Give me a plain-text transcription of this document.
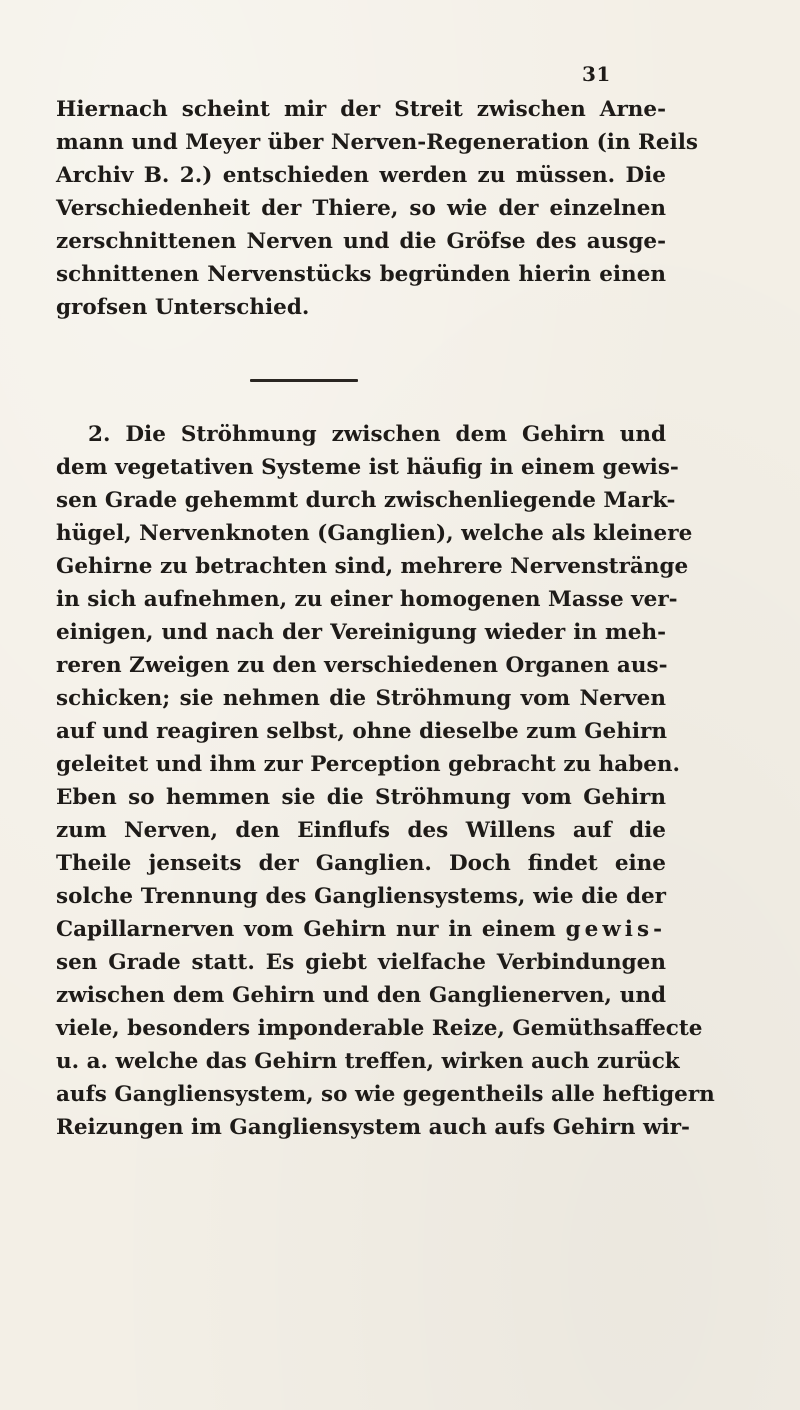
31
Hiernach scheint mir der Streit zwischen Arne-
mann und Meyer über Nerven-Regeneration (in Reils
Archiv B. 2.) entschieden werden zu müssen. Die
Verschiedenheit der Thiere, so wie der einzelnen
zerschnittenen Nerven und die Gröfse des ausge-
schnittenen Nervenstücks begründen hierin einen
grofsen Unterschied.
2. Die Ströhmung zwischen dem Gehirn und
dem vegetativen Systeme ist häufig in einem gewis-
sen Grade gehemmt durch zwischenliegende Mark-
hügel, Nervenknoten (Ganglien), welche als kleinere
Gehirne zu betrachten sind, mehrere Nervenstränge
in sich aufnehmen, zu einer homogenen Masse ver-
einigen, und nach der Vereinigung wieder in meh-
reren Zweigen zu den verschiedenen Organen aus-
schicken; sie nehmen die Ströhmung vom Nerven
auf und reagiren selbst, ohne dieselbe zum Gehirn
geleitet und ihm zur Perception gebracht zu haben.
Eben so hemmen sie die Ströhmung vom Gehirn
zum Nerven, den Einflufs des Willens auf die
Theile jenseits der Ganglien. Doch findet eine
solche Trennung des Gangliensystems, wie die der
Capillarnerven vom Gehirn nur in einem gewis-
sen Grade statt. Es giebt vielfache Verbindungen
zwischen dem Gehirn und den Ganglienerven, und
viele, besonders imponderable Reize, Gemüthsaffecte
u. a. welche das Gehirn treffen, wirken auch zurück
aufs Gangliensystem, so wie gegentheils alle heftigern
Reizungen im Gangliensystem auch aufs Gehirn wir-
